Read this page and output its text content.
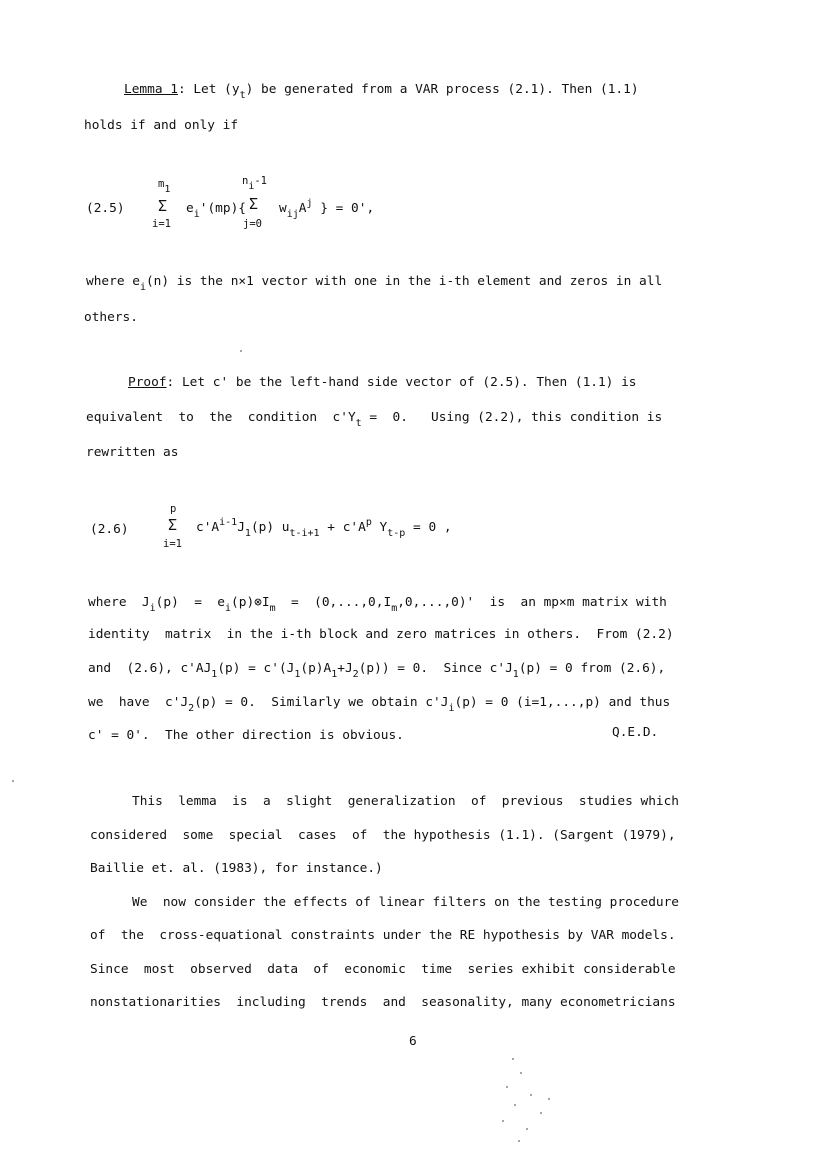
Lemma 1: Let $(y_t)$ be generated from a VAR process (2.1). Then (1.1)
holds if and only if
(2.5)
$m_1$
Σ
i=1
$e_i'(mp)${
$n_i-1$
Σ
j=0
$w_{ij}A^j$ } = 0',
where $e_i(n)$ is the n×1 vector with one in the i-th element and zeros in all
others.
Proof: Let c' be the left-hand side vector of (2.5). Then (1.1) is
equivalent  to  the  condition  $c'Y_t = 0$.   Using (2.2), this condition is
rewritten as
(2.6)
p
Σ
i=1
$c'A^{i-1}J_1(p) u_{t-i+1} + c'A^p$ $Y_{t-p} = 0$ ,
where  $J_i(p)$  =  $e_i(p)\otimes I_m = (0,...,0,I_m,0,...,0)'$  is  an mp×m matrix with
identity  matrix  in the i-th block and zero matrices in others.  From (2.2)
and  (2.6), $c'AJ_1(p) = c'(J_1(p)A_1+J_2(p)) = 0$.  Since $c'J_1(p) = 0$ from (2.6),
we  have  $c'J_2(p) = 0$.  Similarly we obtain $c'J_i(p) = 0$ (i=1,...,p) and thus
c' = 0'.  The other direction is obvious.	Q.E.D.
This  lemma  is  a  slight  generalization  of  previous  studies which
considered  some  special  cases  of  the hypothesis (1.1). (Sargent (1979),
Baillie et. al. (1983), for instance.)
We  now consider the effects of linear filters on the testing procedure
of  the  cross-equational constraints under the RE hypothesis by VAR models.
Since  most  observed  data  of  economic  time  series exhibit considerable
nonstationarities  including  trends  and  seasonality, many econometricians
6
